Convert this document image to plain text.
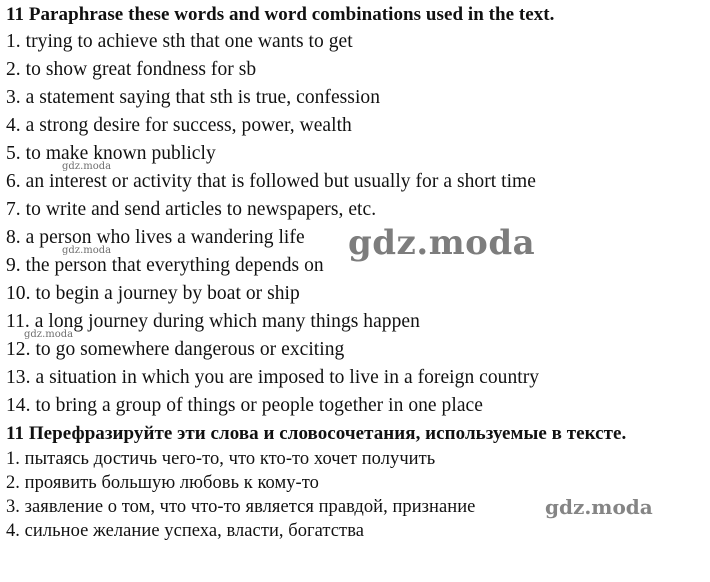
11 Paraphrase these words and word combinations used in the text.
1. trying to achieve sth that one wants to get
2. to show great fondness for sb
3. a statement saying that sth is true, confession
4. a strong desire for success, power, wealth
5. to make known publicly
6. an interest or activity that is followed but usually for a short time
7. to write and send articles to newspapers, etc.
8. a person who lives a wandering life
9. the person that everything depends on
10. to begin a journey by boat or ship
11. a long journey during which many things happen
12. to go somewhere dangerous or exciting
13. a situation in which you are imposed to live in a foreign country
14. to bring a group of things or people together in one place
11 Перефразируйте эти слова и словосочетания, используемые в тексте.
1. пытаясь достичь чего-то, что кто-то хочет получить
2. проявить большую любовь к кому-то
3. заявление о том, что что-то является правдой, признание
4. сильное желание успеха, власти, богатства
gdz.moda
gdz.moda
gdz.moda
gdz.moda
gdz.moda
